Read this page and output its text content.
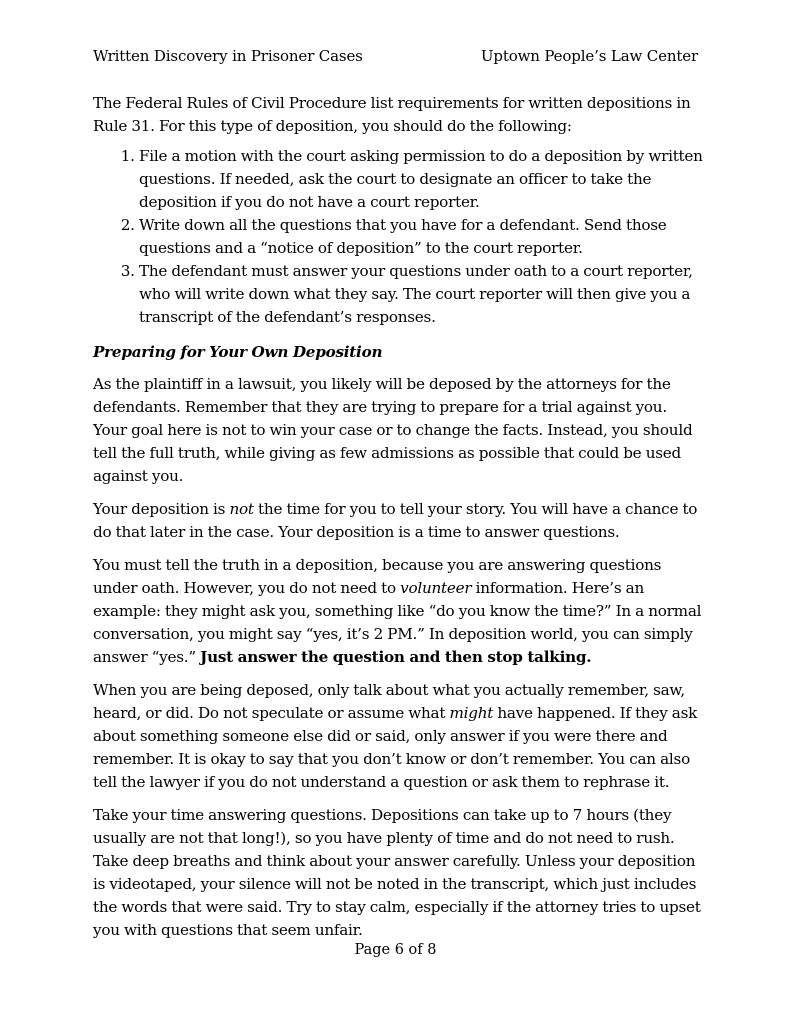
Written Discovery in Prisoner Cases	Uptown People’s Law Center

The Federal Rules of Civil Procedure list requirements for written depositions in Rule 31. For this type of deposition, you should do the following:

1. File a motion with the court asking permission to do a deposition by written questions. If needed, ask the court to designate an officer to take the deposition if you do not have a court reporter.
2. Write down all the questions that you have for a defendant. Send those questions and a “notice of deposition” to the court reporter.
3. The defendant must answer your questions under oath to a court reporter, who will write down what they say. The court reporter will then give you a transcript of the defendant’s responses.
Preparing for Your Own Deposition

As the plaintiff in a lawsuit, you likely will be deposed by the attorneys for the defendants. Remember that they are trying to prepare for a trial against you. Your goal here is not to win your case or to change the facts. Instead, you should tell the full truth, while giving as few admissions as possible that could be used against you.

Your deposition is not the time for you to tell your story. You will have a chance to do that later in the case. Your deposition is a time to answer questions.

You must tell the truth in a deposition, because you are answering questions under oath. However, you do not need to volunteer information. Here’s an example: they might ask you, something like “do you know the time?” In a normal conversation, you might say “yes, it’s 2 PM.” In deposition world, you can simply answer “yes.” Just answer the question and then stop talking.

When you are being deposed, only talk about what you actually remember, saw, heard, or did. Do not speculate or assume what might have happened. If they ask about something someone else did or said, only answer if you were there and remember. It is okay to say that you don’t know or don’t remember. You can also tell the lawyer if you do not understand a question or ask them to rephrase it.

Take your time answering questions. Depositions can take up to 7 hours (they usually are not that long!), so you have plenty of time and do not need to rush. Take deep breaths and think about your answer carefully. Unless your deposition is videotaped, your silence will not be noted in the transcript, which just includes the words that were said. Try to stay calm, especially if the attorney tries to upset you with questions that seem unfair.

Page 6 of 8
